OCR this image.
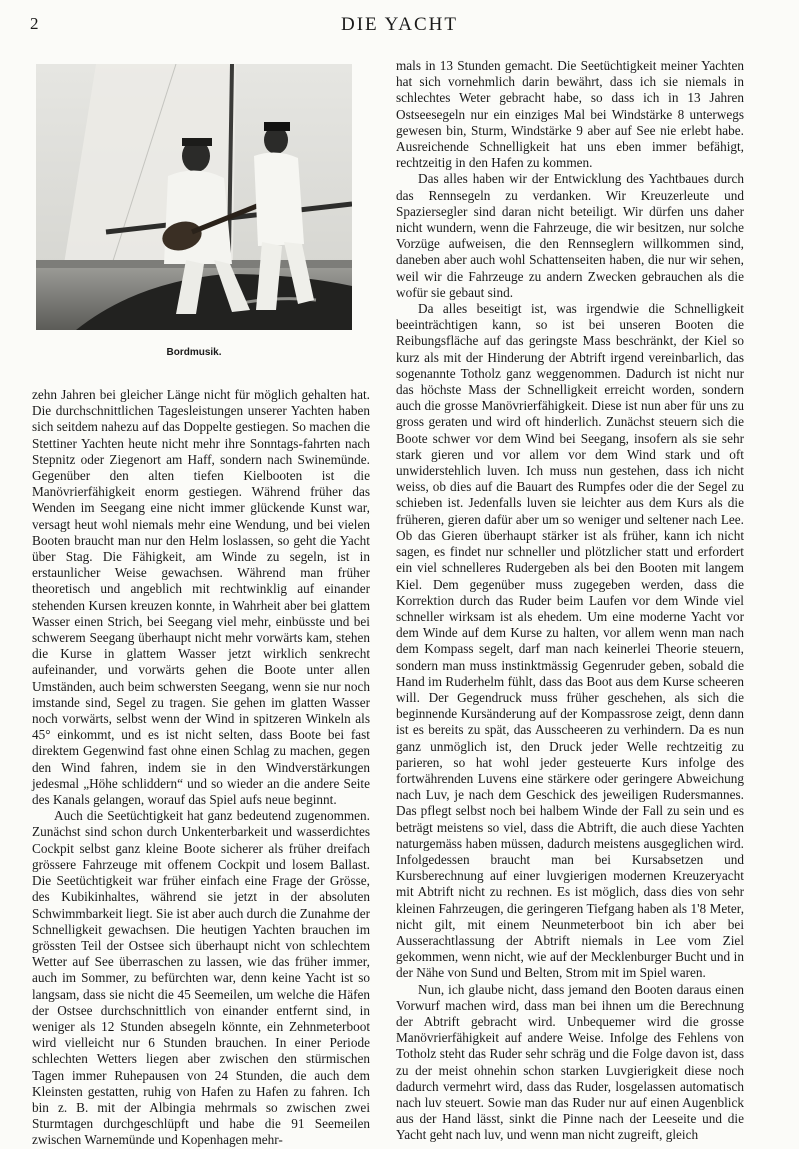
2	DIE YACHT
Bordmusik.

zehn Jahren bei gleicher Länge nicht für möglich gehalten hat. Die durchschnittlichen Tagesleistungen unserer Yachten haben sich seitdem nahezu auf das Doppelte gestiegen. So machen die Stettiner Yachten heute nicht mehr ihre Sonntags-fahrten nach Stepnitz oder Ziegenort am Haff, sondern nach Swinemünde. Gegenüber den alten tiefen Kielbooten ist die Manövrierfähigkeit enorm gestiegen. Während früher das Wenden im Seegang eine nicht immer glückende Kunst war, versagt heut wohl niemals mehr eine Wendung, und bei vielen Booten braucht man nur den Helm loslassen, so geht die Yacht über Stag. Die Fähigkeit, am Winde zu segeln, ist in erstaunlicher Weise gewachsen. Während man früher theoretisch und angeblich mit rechtwinklig auf einander stehenden Kursen kreuzen konnte, in Wahrheit aber bei glattem Wasser einen Strich, bei Seegang viel mehr, einbüsste und bei schwerem Seegang überhaupt nicht mehr vorwärts kam, stehen die Kurse in glattem Wasser jetzt wirklich senkrecht aufeinander, und vorwärts gehen die Boote unter allen Umständen, auch beim schwersten Seegang, wenn sie nur noch imstande sind, Segel zu tragen. Sie gehen im glatten Wasser noch vorwärts, selbst wenn der Wind in spitzeren Winkeln als 45° einkommt, und es ist nicht selten, dass Boote bei fast direktem Gegenwind fast ohne einen Schlag zu machen, gegen den Wind fahren, indem sie in den Windverstärkungen jedesmal „Höhe schliddern“ und so wieder an die andere Seite des Kanals gelangen, worauf das Spiel aufs neue beginnt.

Auch die Seetüchtigkeit hat ganz bedeutend zugenommen. Zunächst sind schon durch Unkenterbarkeit und wasserdichtes Cockpit selbst ganz kleine Boote sicherer als früher dreifach grössere Fahrzeuge mit offenem Cockpit und losem Ballast. Die Seetüchtigkeit war früher einfach eine Frage der Grösse, des Kubikinhaltes, während sie jetzt in der absoluten Schwimmbarkeit liegt. Sie ist aber auch durch die Zunahme der Schnelligkeit gewachsen. Die heutigen Yachten brauchen im grössten Teil der Ostsee sich überhaupt nicht von schlechtem Wetter auf See überraschen zu lassen, wie das früher immer, auch im Sommer, zu befürchten war, denn keine Yacht ist so langsam, dass sie nicht die 45 Seemeilen, um welche die Häfen der Ostsee durchschnittlich von einander entfernt sind, in weniger als 12 Stunden absegeln könnte, ein Zehnmeterboot wird vielleicht nur 6 Stunden brauchen. In einer Periode schlechten Wetters liegen aber zwischen den stürmischen Tagen immer Ruhepausen von 24 Stunden, die auch dem Kleinsten gestatten, ruhig von Hafen zu Hafen zu fahren. Ich bin z. B. mit der Albingia mehrmals so zwischen zwei Sturmtagen durchgeschlüpft und habe die 91 Seemeilen zwischen Warnemünde und Kopenhagen mehr-

mals in 13 Stunden gemacht. Die Seetüchtigkeit meiner Yachten hat sich vornehmlich darin bewährt, dass ich sie niemals in schlechtes Weter gebracht habe, so dass ich in 13 Jahren Ostseesegeln nur ein einziges Mal bei Windstärke 8 unterwegs gewesen bin, Sturm, Windstärke 9 aber auf See nie erlebt habe. Ausreichende Schnelligkeit hat uns eben immer befähigt, rechtzeitig in den Hafen zu kommen.

Das alles haben wir der Entwicklung des Yachtbaues durch das Rennsegeln zu verdanken. Wir Kreuzerleute und Spaziersegler sind daran nicht beteiligt. Wir dürfen uns daher nicht wundern, wenn die Fahrzeuge, die wir besitzen, nur solche Vorzüge aufweisen, die den Rennseglern willkommen sind, daneben aber auch wohl Schattenseiten haben, die nur wir sehen, weil wir die Fahrzeuge zu andern Zwecken gebrauchen als die wofür sie gebaut sind.

Da alles beseitigt ist, was irgendwie die Schnelligkeit beeinträchtigen kann, so ist bei unseren Booten die Reibungsfläche auf das geringste Mass beschränkt, der Kiel so kurz als mit der Hinderung der Abtrift irgend vereinbarlich, das sogenannte Totholz ganz weggenommen. Dadurch ist nicht nur das höchste Mass der Schnelligkeit erreicht worden, sondern auch die grosse Manövrierfähigkeit. Diese ist nun aber für uns zu gross geraten und wird oft hinderlich. Zunächst steuern sich die Boote schwer vor dem Wind bei Seegang, insofern als sie sehr stark gieren und vor allem vor dem Wind stark und oft unwiderstehlich luven. Ich muss nun gestehen, dass ich nicht weiss, ob dies auf die Bauart des Rumpfes oder die der Segel zu schieben ist. Jedenfalls luven sie leichter aus dem Kurs als die früheren, gieren dafür aber um so weniger und seltener nach Lee. Ob das Gieren überhaupt stärker ist als früher, kann ich nicht sagen, es findet nur schneller und plötzlicher statt und erfordert ein viel schnelleres Rudergeben als bei den Booten mit langem Kiel. Dem gegenüber muss zugegeben werden, dass die Korrektion durch das Ruder beim Laufen vor dem Winde viel schneller wirksam ist als ehedem. Um eine moderne Yacht vor dem Winde auf dem Kurse zu halten, vor allem wenn man nach dem Kompass segelt, darf man nach keinerlei Theorie steuern, sondern man muss instinktmässig Gegenruder geben, sobald die Hand im Ruderhelm fühlt, dass das Boot aus dem Kurse scheeren will. Der Gegendruck muss früher geschehen, als sich die beginnende Kursänderung auf der Kompassrose zeigt, denn dann ist es bereits zu spät, das Ausscheeren zu verhindern. Da es nun ganz unmöglich ist, den Druck jeder Welle rechtzeitig zu parieren, so hat wohl jeder gesteuerte Kurs infolge des fortwährenden Luvens eine stärkere oder geringere Abweichung nach Luv, je nach dem Geschick des jeweiligen Rudersmannes. Das pflegt selbst noch bei halbem Winde der Fall zu sein und es beträgt meistens so viel, dass die Abtrift, die auch diese Yachten naturgemäss haben müssen, dadurch meistens ausgeglichen wird. Infolgedessen braucht man bei Kursabsetzen und Kursberechnung auf einer luvgierigen modernen Kreuzeryacht mit Abtrift nicht zu rechnen. Es ist möglich, dass dies von sehr kleinen Fahrzeugen, die geringeren Tiefgang haben als 1'8 Meter, nicht gilt, mit einem Neunmeterboot bin ich aber bei Ausserachtlassung der Abtrift niemals in Lee vom Ziel gekommen, wenn nicht, wie auf der Mecklenburger Bucht und in der Nähe von Sund und Belten, Strom mit im Spiel waren.

Nun, ich glaube nicht, dass jemand den Booten daraus einen Vorwurf machen wird, dass man bei ihnen um die Berechnung der Abtrift gebracht wird. Unbequemer wird die grosse Manövrierfähigkeit auf andere Weise. Infolge des Fehlens von Totholz steht das Ruder sehr schräg und die Folge davon ist, dass zu der meist ohnehin schon starken Luvgierigkeit diese noch dadurch vermehrt wird, dass das Ruder, losgelassen automatisch nach luv steuert. Sowie man das Ruder nur auf einen Augenblick aus der Hand lässt, sinkt die Pinne nach der Leeseite und die Yacht geht nach luv, und wenn man nicht zugreift, gleich
